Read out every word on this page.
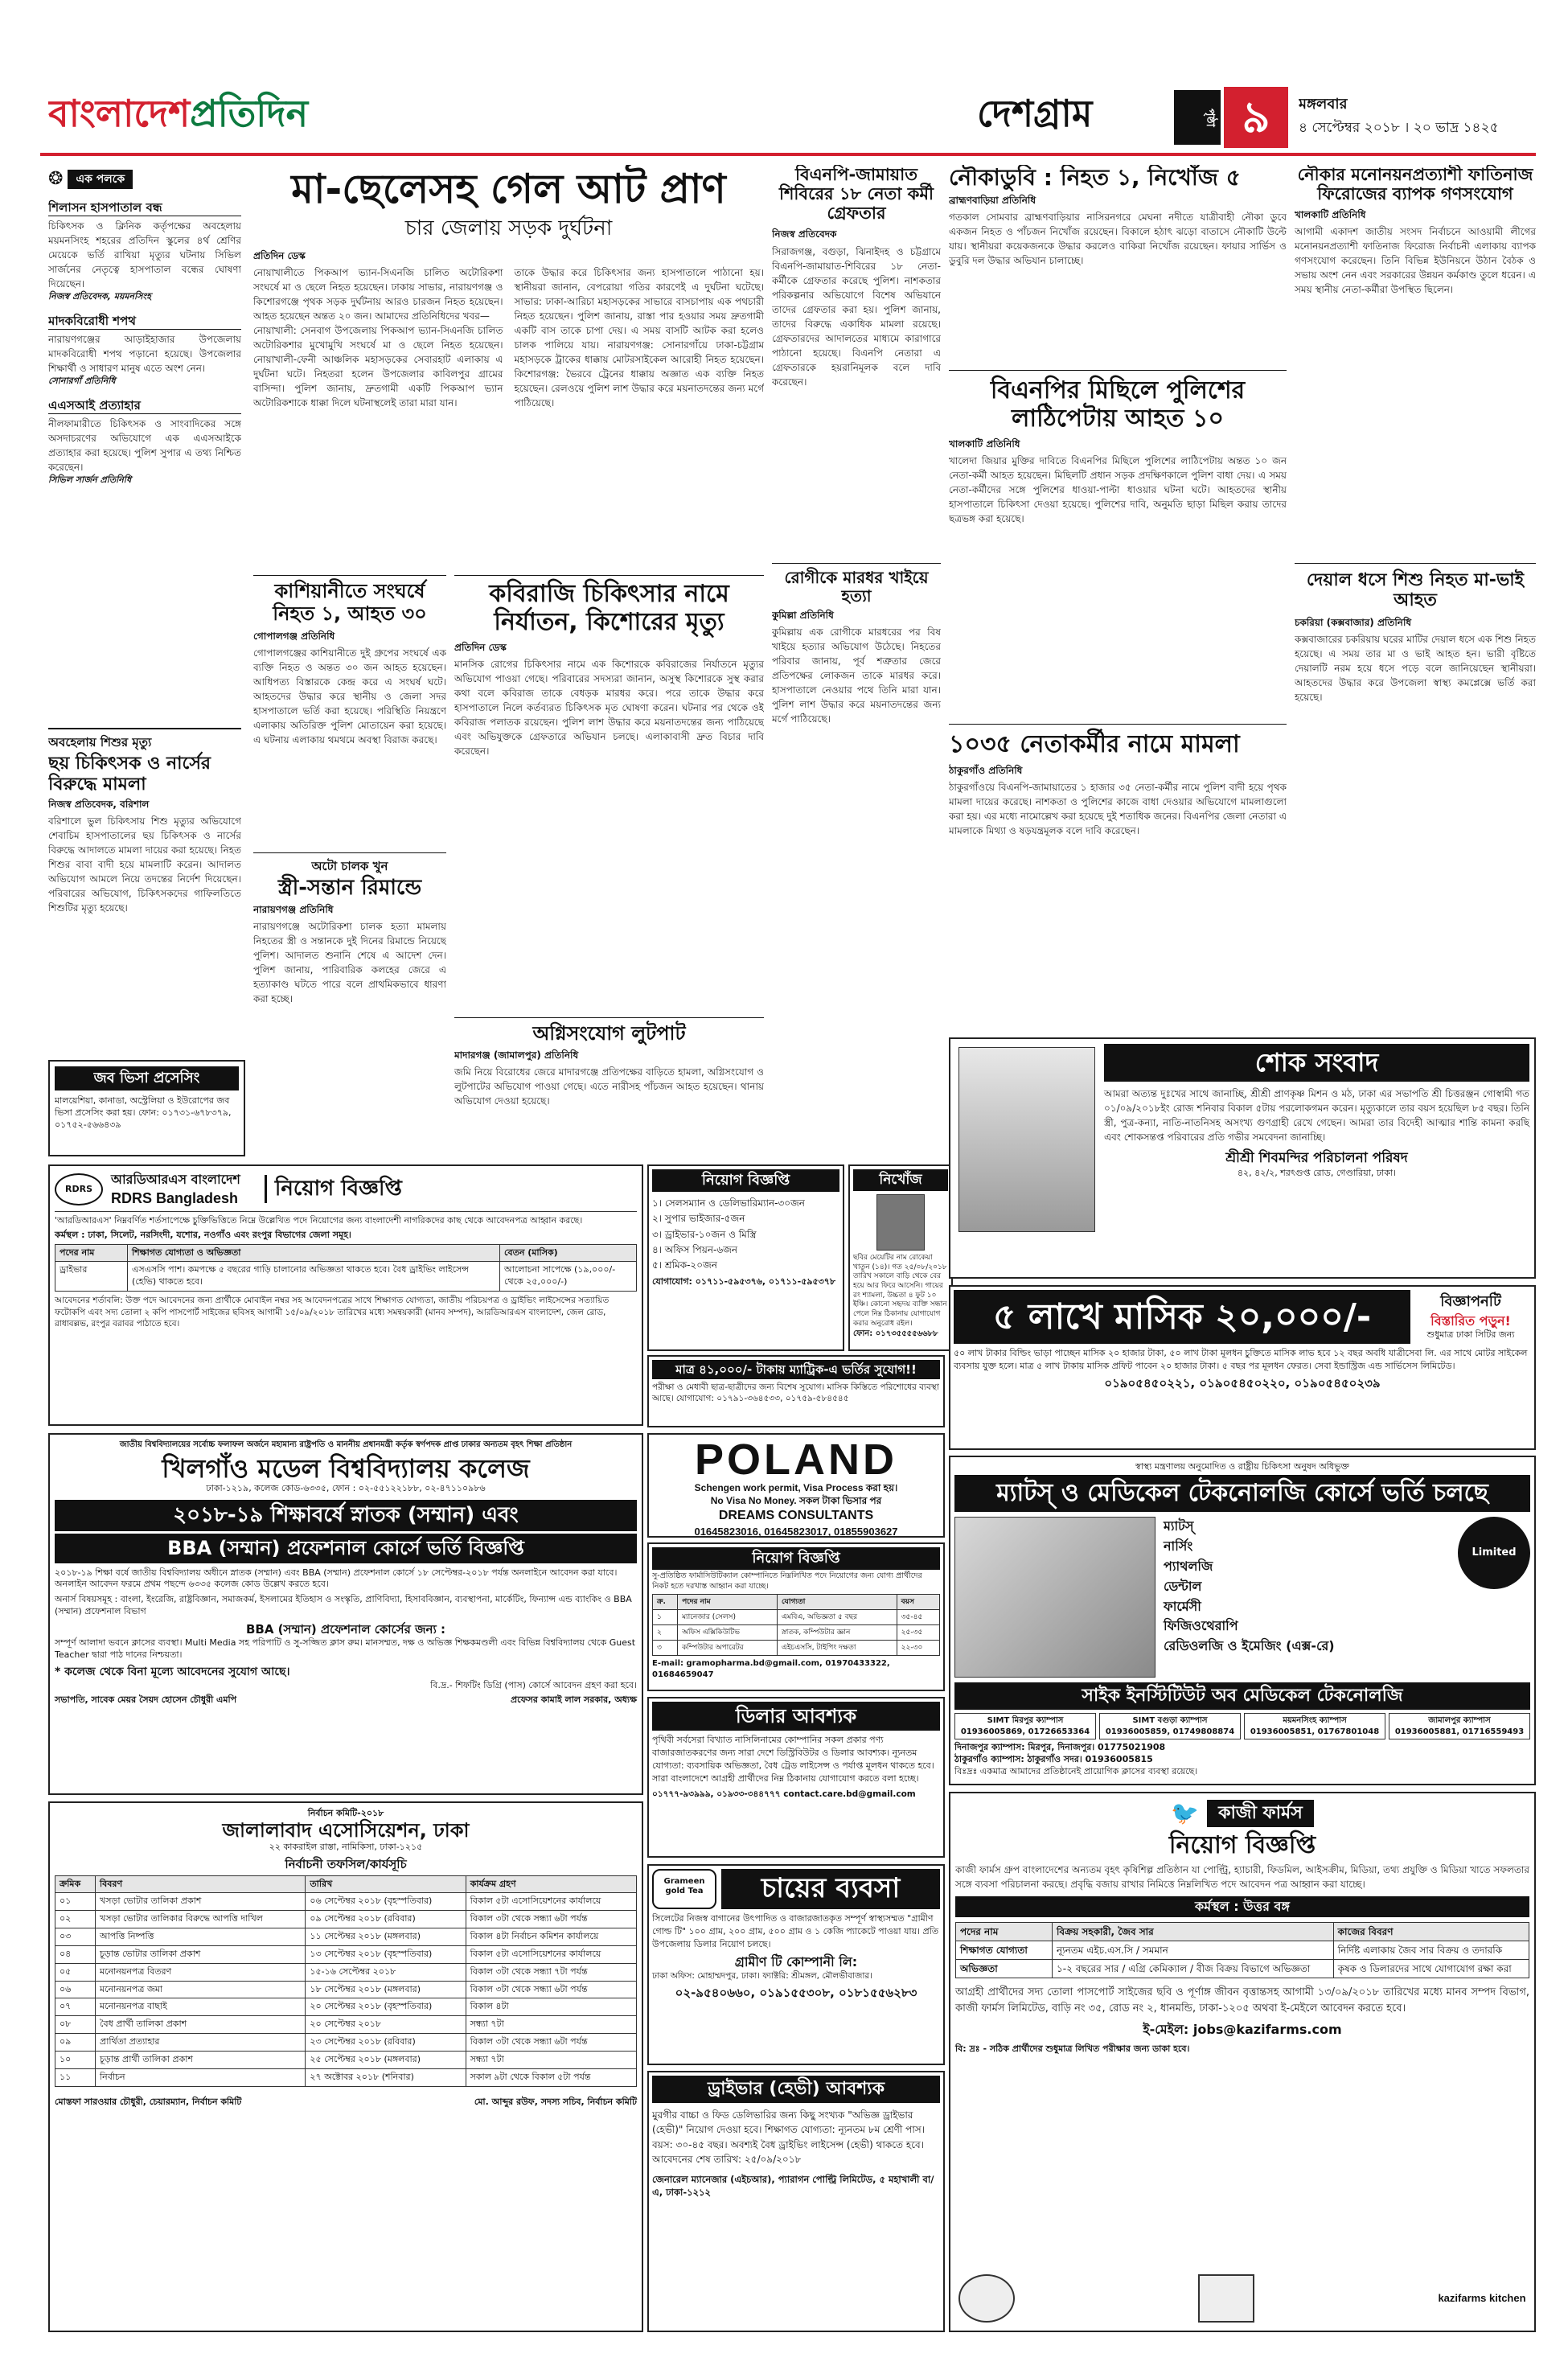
বাংলাদেশপ্রতিদিন	দেশগ্রাম	পৃষ্ঠা ৯	মঙ্গলবার
৪ সেপ্টেম্বর ২০১৮ । ২০ ভাদ্র ১৪২৫
❂	এক পলকে
শিলাসন হাসপাতাল বন্ধ
চিকিৎসক ও ক্লিনিক কর্তৃপক্ষের অবহেলায় ময়মনসিংহ শহরের প্রতিদিন স্কুলের ৪র্থ শ্রেণির মেয়েকে ভর্তি রাখিয়া মৃত্যুর ঘটনায় সিভিল সার্জনের নেতৃত্বে হাসপাতাল বন্ধের ঘোষণা দিয়েছেন।
নিজস্ব প্রতিবেদক, ময়মনসিংহ
মাদকবিরোধী শপথ
নারায়ণগঞ্জের আড়াইহাজার উপজেলায় মাদকবিরোধী শপথ পড়ানো হয়েছে। উপজেলার শিক্ষার্থী ও সাধারণ মানুষ এতে অংশ নেন।
সোনারগাঁ প্রতিনিধি
এএসআই প্রত্যাহার
নীলফামারীতে চিকিৎসক ও সাংবাদিকের সঙ্গে অসদাচরণের অভিযোগে এক এএসআইকে প্রত্যাহার করা হয়েছে। পুলিশ সুপার এ তথ্য নিশ্চিত করেছেন।
সিভিল সার্জন প্রতিনিধি
অবহেলায় শিশুর মৃত্যু
ছয় চিকিৎসক ও নার্সের বিরুদ্ধে মামলা
নিজস্ব প্রতিবেদক, বরিশাল
বরিশালে ভুল চিকিৎসায় শিশু মৃত্যুর অভিযোগে শেবাচিম হাসপাতালের ছয় চিকিৎসক ও নার্সের বিরুদ্ধে আদালতে মামলা দায়ের করা হয়েছে। নিহত শিশুর বাবা বাদী হয়ে মামলাটি করেন। আদালত অভিযোগ আমলে নিয়ে তদন্তের নির্দেশ দিয়েছেন। পরিবারের অভিযোগ, চিকিৎসকদের গাফিলতিতে শিশুটির মৃত্যু হয়েছে।
জব ভিসা প্রসেসিং
মালয়েশিয়া, কানাডা, অস্ট্রেলিয়া ও ইউরোপের জব ভিসা প্রসেসিং করা হয়। ফোন: ০১৭৩১-৬৭৮৩৭৯, ০১৭৫২-৫৬৬৪৩৯
মা-ছেলেসহ গেল আট প্রাণ
চার জেলায় সড়ক দুর্ঘটনা
প্রতিদিন ডেস্ক
নোয়াখালীতে পিকআপ ভ্যান-সিএনজি চালিত অটোরিকশা সংঘর্ষে মা ও ছেলে নিহত হয়েছেন। ঢাকায় সাভার, নারায়ণগঞ্জ ও কিশোরগঞ্জে পৃথক সড়ক দুর্ঘটনায় আরও চারজন নিহত হয়েছেন। আহত হয়েছেন অন্তত ২০ জন। আমাদের প্রতিনিধিদের খবর—
নোয়াখালী: সেনবাগ উপজেলায় পিকআপ ভ্যান-সিএনজি চালিত অটোরিকশার মুখোমুখি সংঘর্ষে মা ও ছেলে নিহত হয়েছেন। নোয়াখালী-ফেনী আঞ্চলিক মহাসড়কের সেবারহাট এলাকায় এ দুর্ঘটনা ঘটে। নিহতরা হলেন উপজেলার কাবিলপুর গ্রামের বাসিন্দা। পুলিশ জানায়, দ্রুতগামী একটি পিকআপ ভ্যান অটোরিকশাকে ধাক্কা দিলে ঘটনাস্থলেই তারা মারা যান।
তাকে উদ্ধার করে চিকিৎসার জন্য হাসপাতালে পাঠানো হয়। স্থানীয়রা জানান, বেপরোয়া গতির কারণেই এ দুর্ঘটনা ঘটেছে। সাভার: ঢাকা-আরিচা মহাসড়কের সাভারে বাসচাপায় এক পথচারী নিহত হয়েছেন। পুলিশ জানায়, রাস্তা পার হওয়ার সময় দ্রুতগামী একটি বাস তাকে চাপা দেয়। এ সময় বাসটি আটক করা হলেও চালক পালিয়ে যায়। নারায়ণগঞ্জ: সোনারগাঁয়ে ঢাকা-চট্টগ্রাম মহাসড়কে ট্রাকের ধাক্কায় মোটরসাইকেল আরোহী নিহত হয়েছেন। কিশোরগঞ্জ: ভৈরবে ট্রেনের ধাক্কায় অজ্ঞাত এক ব্যক্তি নিহত হয়েছেন। রেলওয়ে পুলিশ লাশ উদ্ধার করে ময়নাতদন্তের জন্য মর্গে পাঠিয়েছে।
কাশিয়ানীতে সংঘর্ষে নিহত ১, আহত ৩০
গোপালগঞ্জ প্রতিনিধি
গোপালগঞ্জের কাশিয়ানীতে দুই গ্রুপের সংঘর্ষে এক ব্যক্তি নিহত ও অন্তত ৩০ জন আহত হয়েছেন। আধিপত্য বিস্তারকে কেন্দ্র করে এ সংঘর্ষ ঘটে। আহতদের উদ্ধার করে স্থানীয় ও জেলা সদর হাসপাতালে ভর্তি করা হয়েছে। পরিস্থিতি নিয়ন্ত্রণে এলাকায় অতিরিক্ত পুলিশ মোতায়েন করা হয়েছে। এ ঘটনায় এলাকায় থমথমে অবস্থা বিরাজ করছে।
কবিরাজি চিকিৎসার নামে নির্যাতন, কিশোরের মৃত্যু
প্রতিদিন ডেস্ক
মানসিক রোগের চিকিৎসার নামে এক কিশোরকে কবিরাজের নির্যাতনে মৃত্যুর অভিযোগ পাওয়া গেছে। পরিবারের সদস্যরা জানান, অসুস্থ কিশোরকে সুস্থ করার কথা বলে কবিরাজ তাকে বেধড়ক মারধর করে। পরে তাকে উদ্ধার করে হাসপাতালে নিলে কর্তব্যরত চিকিৎসক মৃত ঘোষণা করেন। ঘটনার পর থেকে ওই কবিরাজ পলাতক রয়েছেন। পুলিশ লাশ উদ্ধার করে ময়নাতদন্তের জন্য পাঠিয়েছে এবং অভিযুক্তকে গ্রেফতারে অভিযান চলছে। এলাকাবাসী দ্রুত বিচার দাবি করেছেন।
অটো চালক খুন
স্ত্রী-সন্তান রিমান্ডে
নারায়ণগঞ্জ প্রতিনিধি
নারায়ণগঞ্জে অটোরিকশা চালক হত্যা মামলায় নিহতের স্ত্রী ও সন্তানকে দুই দিনের রিমান্ডে নিয়েছে পুলিশ। আদালত শুনানি শেষে এ আদেশ দেন। পুলিশ জানায়, পারিবারিক কলহের জেরে এ হত্যাকাণ্ড ঘটতে পারে বলে প্রাথমিকভাবে ধারণা করা হচ্ছে।
অগ্নিসংযোগ লুটপাট
মাদারগঞ্জ (জামালপুর) প্রতিনিধি
জমি নিয়ে বিরোধের জেরে মাদারগঞ্জে প্রতিপক্ষের বাড়িতে হামলা, অগ্নিসংযোগ ও লুটপাটের অভিযোগ পাওয়া গেছে। এতে নারীসহ পাঁচজন আহত হয়েছেন। থানায় অভিযোগ দেওয়া হয়েছে।
বিএনপি-জামায়াত শিবিরের ১৮ নেতা কর্মী গ্রেফতার
নিজস্ব প্রতিবেদক
সিরাজগঞ্জ, বগুড়া, ঝিনাইদহ ও চট্টগ্রামে বিএনপি-জামায়াত-শিবিরের ১৮ নেতা-কর্মীকে গ্রেফতার করেছে পুলিশ। নাশকতার পরিকল্পনার অভিযোগে বিশেষ অভিযানে তাদের গ্রেফতার করা হয়। পুলিশ জানায়, তাদের বিরুদ্ধে একাধিক মামলা রয়েছে। গ্রেফতারদের আদালতের মাধ্যমে কারাগারে পাঠানো হয়েছে। বিএনপি নেতারা এ গ্রেফতারকে হয়রানিমূলক বলে দাবি করেছেন।
রোগীকে মারধর খাইয়ে হত্যা
কুমিল্লা প্রতিনিধি
কুমিল্লায় এক রোগীকে মারধরের পর বিষ খাইয়ে হত্যার অভিযোগ উঠেছে। নিহতের পরিবার জানায়, পূর্ব শত্রুতার জেরে প্রতিপক্ষের লোকজন তাকে মারধর করে। হাসপাতালে নেওয়ার পথে তিনি মারা যান। পুলিশ লাশ উদ্ধার করে ময়নাতদন্তের জন্য মর্গে পাঠিয়েছে।
নিয়োগ বিজ্ঞপ্তি
১। সেলসম্যান ও ডেলিভারিম্যান-৩০জন
২। সুপার ভাইজার-৫জন
৩। ড্রাইভার-১০জন ও মিস্ত্রি
৪। অফিস পিয়ন-৬জন
৫। শ্রমিক-২০জন
যোগাযোগ: ০১৭১১-৫৯৫৩৭৬, ০১৭১১-৫৯৫৩৭৮
নিখোঁজ
ছবির মেয়েটির নাম রোকেয়া খাতুন (১৪)। গত ২৫/০৮/২০১৮ তারিখ সকালে বাড়ি থেকে বের হয়ে আর ফিরে আসেনি। গায়ের রং শ্যামলা, উচ্চতা ৪ ফুট ১০ ইঞ্চি। কোনো সহৃদয় ব্যক্তি সন্ধান পেলে নিম্ন ঠিকানায় যোগাযোগ করার অনুরোধ রইল।
ফোন: ০১৭৩৫৫৫৫৬৬৮৮
নৌকাডুবি : নিহত ১, নিখোঁজ ৫
ব্রাহ্মণবাড়িয়া প্রতিনিধি
গতকাল সোমবার ব্রাহ্মণবাড়িয়ার নাসিরনগরে মেঘনা নদীতে যাত্রীবাহী নৌকা ডুবে একজন নিহত ও পাঁচজন নিখোঁজ রয়েছেন। বিকালে হঠাৎ ঝড়ো বাতাসে নৌকাটি উল্টে যায়। স্থানীয়রা কয়েকজনকে উদ্ধার করলেও বাকিরা নিখোঁজ রয়েছেন। ফায়ার সার্ভিস ও ডুবুরি দল উদ্ধার অভিযান চালাচ্ছে।
বিএনপির মিছিলে পুলিশের লাঠিপেটায় আহত ১০
খালকাটি প্রতিনিধি
খালেদা জিয়ার মুক্তির দাবিতে বিএনপির মিছিলে পুলিশের লাঠিপেটায় অন্তত ১০ জন নেতা-কর্মী আহত হয়েছেন। মিছিলটি প্রধান সড়ক প্রদক্ষিণকালে পুলিশ বাধা দেয়। এ সময় নেতা-কর্মীদের সঙ্গে পুলিশের ধাওয়া-পাল্টা ধাওয়ার ঘটনা ঘটে। আহতদের স্থানীয় হাসপাতালে চিকিৎসা দেওয়া হয়েছে। পুলিশের দাবি, অনুমতি ছাড়া মিছিল করায় তাদের ছত্রভঙ্গ করা হয়েছে।
১০৩৫ নেতাকর্মীর নামে মামলা
ঠাকুরগাঁও প্রতিনিধি
ঠাকুরগাঁওয়ে বিএনপি-জামায়াতের ১ হাজার ৩৫ নেতা-কর্মীর নামে পুলিশ বাদী হয়ে পৃথক মামলা দায়ের করেছে। নাশকতা ও পুলিশের কাজে বাধা দেওয়ার অভিযোগে মামলাগুলো করা হয়। এর মধ্যে নামোল্লেখ করা হয়েছে দুই শতাধিক জনের। বিএনপির জেলা নেতারা এ মামলাকে মিথ্যা ও ষড়যন্ত্রমূলক বলে দাবি করেছেন।
নৌকার মনোনয়নপ্রত্যাশী ফাতিনাজ ফিরোজের ব্যাপক গণসংযোগ
খালকাটি প্রতিনিধি
আগামী একাদশ জাতীয় সংসদ নির্বাচনে আওয়ামী লীগের মনোনয়নপ্রত্যাশী ফাতিনাজ ফিরোজ নির্বাচনী এলাকায় ব্যাপক গণসংযোগ করেছেন। তিনি বিভিন্ন ইউনিয়নে উঠান বৈঠক ও সভায় অংশ নেন এবং সরকারের উন্নয়ন কর্মকাণ্ড তুলে ধরেন। এ সময় স্থানীয় নেতা-কর্মীরা উপস্থিত ছিলেন।
দেয়াল ধসে শিশু নিহত মা-ভাই আহত
চকরিয়া (কক্সবাজার) প্রতিনিধি
কক্সবাজারের চকরিয়ায় ঘরের মাটির দেয়াল ধসে এক শিশু নিহত হয়েছে। এ সময় তার মা ও ভাই আহত হন। ভারী বৃষ্টিতে দেয়ালটি নরম হয়ে ধসে পড়ে বলে জানিয়েছেন স্থানীয়রা। আহতদের উদ্ধার করে উপজেলা স্বাস্থ্য কমপ্লেক্সে ভর্তি করা হয়েছে।
শোক সংবাদ
আমরা অত্যন্ত দুঃখের সাথে জানাচ্ছি, শ্রীশ্রী প্রাণকৃষ্ণ মিশন ও মঠ, ঢাকা এর সভাপতি শ্রী চিত্তরঞ্জন গোস্বামী গত ০১/০৯/২০১৮ইং রোজ শনিবার বিকাল ৫টায় পরলোকগমন করেন। মৃত্যুকালে তার বয়স হয়েছিল ৮৫ বছর। তিনি স্ত্রী, পুত্র-কন্যা, নাতি-নাতনিসহ অসংখ্য গুণগ্রাহী রেখে গেছেন। আমরা তার বিদেহী আত্মার শান্তি কামনা করছি এবং শোকসন্তপ্ত পরিবারের প্রতি গভীর সমবেদনা জানাচ্ছি।
শ্রীশ্রী শিবমন্দির পরিচালনা পরিষদ
৪২, ৪২/২, শরৎগুপ্ত রোড, গেণ্ডারিয়া, ঢাকা।
৫ লাখে মাসিক ২০,০০০/-	বিজ্ঞাপনটি
বিস্তারিত পড়ুন!
শুধুমাত্র ঢাকা সিটির জন্য
৫০ লাখ টাকার বিল্ডিং ভাড়া পাচ্ছেন মাসিক ২০ হাজার টাকা, ৫০ লাখ টাকা মূলধন চুক্তিতে মাসিক লাভ হবে ১২ বছর অবধি যাত্রীসেবা লি. এর সাথে মোটর সাইকেল ব্যবসায় যুক্ত হলে। মাত্র ৫ লাখ টাকায় মাসিক প্রফিট পাবেন ২০ হাজার টাকা। ৫ বছর পর মূলধন ফেরত। সেবা ইন্ডাস্ট্রিজ এন্ড সার্ভিসেস লিমিটেড।
০১৯০৫৪৫০২২১, ০১৯০৫৪৫০২২০, ০১৯০৫৪৫০২৩৯
RDRS
আরডিআরএস বাংলাদেশ
RDRS Bangladesh	নিয়োগ বিজ্ঞপ্তি
'আরডিআরএস' নিম্নবর্ণিত শর্তসাপেক্ষে চুক্তিভিত্তিতে নিম্নে উল্লেখিত পদে নিয়োগের জন্য বাংলাদেশী নাগরিকদের কাছ থেকে আবেদনপত্র আহ্বান করছে।
কর্মস্থল : ঢাকা, সিলেট, নরসিংদী, যশোর, নওগাঁও এবং রংপুর বিভাগের জেলা সমূহ।
পদের নাম	শিক্ষাগত যোগ্যতা ও অভিজ্ঞতা	বেতন (মাসিক)
ড্রাইভার	এসএসসি পাশ। কমপক্ষে ৫ বছরের গাড়ি চালানোর অভিজ্ঞতা থাকতে হবে। বৈধ ড্রাইভিং লাইসেন্স (হেভি) থাকতে হবে।	আলোচনা সাপেক্ষে (১৯,০০০/- থেকে ২৫,০০০/-)
আবেদনের শর্তাবলি: উক্ত পদে আবেদনের জন্য প্রার্থীকে মোবাইল নম্বর সহ আবেদনপত্রের সাথে শিক্ষাগত যোগ্যতা, জাতীয় পরিচয়পত্র ও ড্রাইভিং লাইসেন্সের সত্যায়িত ফটোকপি এবং সদ্য তোলা ২ কপি পাসপোর্ট সাইজের ছবিসহ আগামী ১৫/০৯/২০১৮ তারিখের মধ্যে সমন্বয়কারী (মানব সম্পদ), আরডিআরএস বাংলাদেশ, জেল রোড, রাধাবল্লভ, রংপুর বরাবর পাঠাতে হবে।
মাত্র ৪১,০০০/- টাকায় ম্যাট্রিক-এ ভর্তির সুযোগ!!
পরীক্ষা ও মেধাবী ছাত্র-ছাত্রীদের জন্য বিশেষ সুযোগ। মাসিক কিস্তিতে পরিশোধের ব্যবস্থা আছে। যোগাযোগ: ০১৭৯১-৩৬৪৫৩৩, ০১৭৫৯-৫৮৪৫৪৫
POLAND
Schengen work permit, Visa Process করা হয়।
No Visa No Money. সকল টাকা ভিসার পর
DREAMS CONSULTANTS
01645823016, 01645823017, 01855903627
জাতীয় বিশ্ববিদ্যালয়ের সর্বোচ্চ ফলাফল অর্জনে মহামান্য রাষ্ট্রপতি ও মাননীয় প্রধানমন্ত্রী কর্তৃক স্বর্ণপদক প্রাপ্ত ঢাকার অন্যতম বৃহৎ শিক্ষা প্রতিষ্ঠান
খিলগাঁও মডেল বিশ্ববিদ্যালয় কলেজ
ঢাকা-১২১৯, কলেজ কোড-৬৩৩৫, ফোন : ০২-৫৫১২২১৮৮, ০২-৪৭১১০৯৮৬
২০১৮-১৯ শিক্ষাবর্ষে স্নাতক (সম্মান) এবং
BBA (সম্মান) প্রফেশনাল কোর্সে ভর্তি বিজ্ঞপ্তি
২০১৮-১৯ শিক্ষা বর্ষে জাতীয় বিশ্ববিদ্যালয় অধীনে স্নাতক (সম্মান) এবং BBA (সম্মান) প্রফেশনাল কোর্সে ১৮ সেপ্টেম্বর-২০১৮ পর্যন্ত অনলাইনে আবেদন করা যাবে। অনলাইন আবেদন ফরমে প্রথম পছন্দে ৬৩৩৫ কলেজ কোড উল্লেখ করতে হবে।
অনার্স বিষয়সমূহ : বাংলা, ইংরেজি, রাষ্ট্রবিজ্ঞান, সমাজকর্ম, ইসলামের ইতিহাস ও সংস্কৃতি, প্রাণিবিদ্যা, হিসাববিজ্ঞান, ব্যবস্থাপনা, মার্কেটিং, ফিন্যান্স এন্ড ব্যাংকিং ও BBA (সম্মান) প্রফেশনাল বিভাগ
BBA (সম্মান) প্রফেশনাল কোর্সের জন্য :
সম্পূর্ণ আলাদা ভবনে ক্লাসের ব্যবস্থা। Multi Media সহ পরিপাটি ও সু-সজ্জিত ক্লাস রুম। মানসম্মত, দক্ষ ও অভিজ্ঞ শিক্ষকমণ্ডলী এবং বিভিন্ন বিশ্ববিদ্যালয় থেকে Guest Teacher দ্বারা পাঠ দানের নিশ্চয়তা।
* কলেজ থেকে বিনা মূল্যে আবেদনের সুযোগ আছে।
বি.দ্র.- শিফটিং ডিগ্রি (পাস) কোর্সে আবেদন গ্রহণ করা হবে।
সভাপতি, সাবেক মেয়র সৈয়দ হোসেন চৌধুরী এমপি	প্রফেসর কামাই লাল সরকার, অধ্যক্ষ
নিয়োগ বিজ্ঞপ্তি
সু-প্রতিষ্ঠিত ফার্মাসিউটিক্যাল কোম্পানিতে নিম্নলিখিত পদে নিয়োগের জন্য যোগ্য প্রার্থীদের নিকট হতে দরখাস্ত আহ্বান করা যাচ্ছে।
ক্র.	পদের নাম	যোগ্যতা	বয়স
১	ম্যানেজার (সেলস)	এমবিএ, অভিজ্ঞতা ৫ বছর	৩৫-৪৫
২	অফিস এক্সিকিউটিভ	স্নাতক, কম্পিউটার জ্ঞান	২৫-৩৫
৩	কম্পিউটার অপারেটর	এইচএসসি, টাইপিং দক্ষতা	২২-৩০
E-mail: gramopharma.bd@gmail.com, 01970433322, 01684659047
ডিলার আবশ্যক
পৃথিবী সর্বসেরা বিখ্যাত নাসিলিনামের কোম্পানির সকল প্রকার পণ্য বাজারজাতকরণের জন্য সারা দেশে ডিস্ট্রিবিউটর ও ডিলার আবশ্যক। ন্যূনতম যোগ্যতা: ব্যবসায়িক অভিজ্ঞতা, বৈধ ট্রেড লাইসেন্স ও পর্যাপ্ত মূলধন থাকতে হবে। সারা বাংলাদেশে আগ্রহী প্রার্থীদের নিম্ন ঠিকানায় যোগাযোগ করতে বলা হচ্ছে।
০১৭৭৭-৯৩৯৯৯, ০১৯৩৩-৩৪৪৭৭৭ contact.care.bd@gmail.com
স্বাস্থ্য মন্ত্রণালয় অনুমোদিত ও রাষ্ট্রীয় চিকিৎসা অনুষদ অধিভুক্ত
ম্যাটস্ ও মেডিকেল টেকনোলজি কোর্সে ভর্তি চলছে
ম্যাটস্
নার্সিং
প্যাথলজি
ডেন্টাল
ফার্মেসী
ফিজিওথেরাপি
রেডিওলজি ও ইমেজিং (এক্স-রে)
Limited Seats
সাইক ইনস্টিটিউট অব মেডিকেল টেকনোলজি
SIMT মিরপুর ক্যাম্পাস
01936005869, 01726653364
SIMT বগুড়া ক্যাম্পাস
01936005859, 01749808874
ময়মনসিংহ ক্যাম্পাস
01936005851, 01767801048
জামালপুর ক্যাম্পাস
01936005881, 01716559493
দিনাজপুর ক্যাম্পাস: মিরপুর, দিনাজপুর। 01775021908
ঠাকুরগাঁও ক্যাম্পাস: ঠাকুরগাঁও সদর। 01936005815
বিঃদ্রঃ একমাত্র আমাদের প্রতিষ্ঠানেই প্রায়োগিক ক্লাসের ব্যবস্থা রয়েছে।
নির্বাচন কমিটি-২০১৮
জালালাবাদ এসোসিয়েশন, ঢাকা
২২ কাকরাইল রাস্তা, নামিকিসা, ঢাকা-১২১৫
নির্বাচনী তফসিল/কার্যসূচি
ক্রমিক	বিবরণ	তারিখ	কার্যক্রম গ্রহণ
০১	খসড়া ভোটার তালিকা প্রকাশ	০৬ সেপ্টেম্বর ২০১৮ (বৃহস্পতিবার)	বিকাল ৫টা এসোসিয়েশনের কার্যালয়ে
০২	খসড়া ভোটার তালিকার বিরুদ্ধে আপত্তি দাখিল	০৯ সেপ্টেম্বর ২০১৮ (রবিবার)	বিকাল ৩টা থেকে সন্ধ্যা ৬টা পর্যন্ত
০৩	আপত্তি নিষ্পত্তি	১১ সেপ্টেম্বর ২০১৮ (মঙ্গলবার)	বিকাল ৪টা নির্বাচন কমিশন কার্যালয়ে
০৪	চূড়ান্ত ভোটার তালিকা প্রকাশ	১৩ সেপ্টেম্বর ২০১৮ (বৃহস্পতিবার)	বিকাল ৫টা এসোসিয়েশনের কার্যালয়ে
০৫	মনোনয়নপত্র বিতরণ	১৫-১৬ সেপ্টেম্বর ২০১৮	বিকাল ৩টা থেকে সন্ধ্যা ৭টা পর্যন্ত
০৬	মনোনয়নপত্র জমা	১৮ সেপ্টেম্বর ২০১৮ (মঙ্গলবার)	বিকাল ৩টা থেকে সন্ধ্যা ৬টা পর্যন্ত
০৭	মনোনয়নপত্র বাছাই	২০ সেপ্টেম্বর ২০১৮ (বৃহস্পতিবার)	বিকাল ৪টা
০৮	বৈধ প্রার্থী তালিকা প্রকাশ	২০ সেপ্টেম্বর ২০১৮	সন্ধ্যা ৭টা
০৯	প্রার্থিতা প্রত্যাহার	২৩ সেপ্টেম্বর ২০১৮ (রবিবার)	বিকাল ৩টা থেকে সন্ধ্যা ৬টা পর্যন্ত
১০	চূড়ান্ত প্রার্থী তালিকা প্রকাশ	২৫ সেপ্টেম্বর ২০১৮ (মঙ্গলবার)	সন্ধ্যা ৭টা
১১	নির্বাচন	২৭ অক্টোবর ২০১৮ (শনিবার)	সকাল ৯টা থেকে বিকাল ৫টা পর্যন্ত
মোস্তফা সারওয়ার চৌধুরী, চেয়ারম্যান, নির্বাচন কমিটি	মো. আব্দুর রউফ, সদস্য সচিব, নির্বাচন কমিটি
Grameen gold Tea	চায়ের ব্যবসা
সিলেটের নিজস্ব বাগানের উৎপাদিত ও বাজারজাতকৃত সম্পূর্ণ স্বাস্থ্যসম্মত "গ্রামীণ গোল্ড টি" ১০০ গ্রাম, ২০০ গ্রাম, ৫০০ গ্রাম ও ১ কেজি প্যাকেটে পাওয়া যায়। প্রতি উপজেলায় ডিলার নিয়োগ চলছে।
গ্রামীণ টি কোম্পানী লি:
ঢাকা অফিস: মোহাম্মদপুর, ঢাকা। ফ্যাক্টরি: শ্রীমঙ্গল, মৌলভীবাজার।
০২-৯৫৪০৬৬০, ০১৯১৫৫৩০৮, ০১৮১৫৫৬২৮৩
ড্রাইভার (হেভী) আবশ্যক
মুরগীর বাচ্চা ও ফিড ডেলিভারির জন্য কিছু সংখ্যক "অভিজ্ঞ ড্রাইভার (হেভী)" নিয়োগ দেওয়া হবে। শিক্ষাগত যোগ্যতা: ন্যূনতম ৮ম শ্রেণী পাস। বয়স: ৩০-৪৫ বছর। অবশ্যই বৈধ ড্রাইভিং লাইসেন্স (হেভী) থাকতে হবে। আবেদনের শেষ তারিখ: ২৫/০৯/২০১৮
জেনারেল ম্যানেজার (এইচআর), প্যারাগন পোল্ট্রি লিমিটেড, ৫ মহাখালী বা/এ, ঢাকা-১২১২
🐦	কাজী ফার্মস
নিয়োগ বিজ্ঞপ্তি
কাজী ফার্মস গ্রুপ বাংলাদেশের অন্যতম বৃহৎ কৃষিশিল্প প্রতিষ্ঠান যা পোল্ট্রি, হ্যাচারী, ফিডমিল, আইসক্রীম, মিডিয়া, তথ্য প্রযুক্তি ও মিডিয়া খাতে সফলতার সঙ্গে ব্যবসা পরিচালনা করছে। প্রবৃদ্ধি বজায় রাখার নিমিত্তে নিম্নলিখিত পদে আবেদন পত্র আহ্বান করা যাচ্ছে।
কর্মস্থল : উত্তর বঙ্গ
পদের নাম	বিক্রয় সহকারী, জৈব সার	কাজের বিবরণ
শিক্ষাগত যোগ্যতা	ন্যূনতম এইচ.এস.সি / সমমান	নির্দিষ্ট এলাকায় জৈব সার বিক্রয় ও তদারকি
অভিজ্ঞতা	১-২ বছরের সার / এগ্রি কেমিক্যাল / বীজ বিক্রয় বিভাগে অভিজ্ঞতা	কৃষক ও ডিলারদের সাথে যোগাযোগ রক্ষা করা
আগ্রহী প্রার্থীদের সদ্য তোলা পাসপোর্ট সাইজের ছবি ও পূর্ণাঙ্গ জীবন বৃত্তান্তসহ আগামী ১৩/০৯/২০১৮ তারিখের মধ্যে মানব সম্পদ বিভাগ, কাজী ফার্মস লিমিটেড, বাড়ি নং ৩৫, রোড নং ২, ধানমন্ডি, ঢাকা-১২০৫ অথবা ই-মেইলে আবেদন করতে হবে।
ই-মেইল: jobs@kazifarms.com
বি: দ্রঃ - সঠিক প্রার্থীদের শুধুমাত্র লিখিত পরীক্ষার জন্য ডাকা হবে।
kazifarms kitchen
